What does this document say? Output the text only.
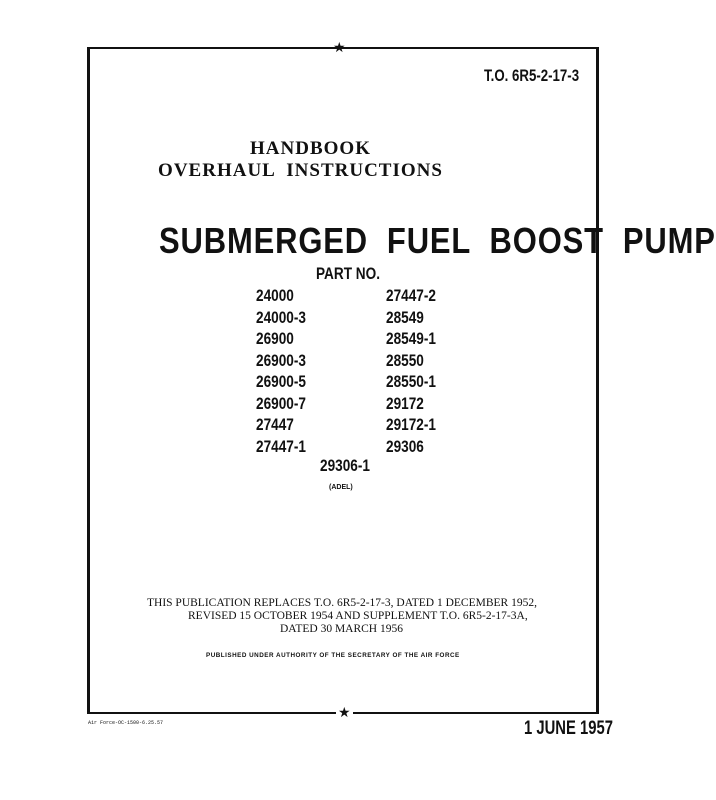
★
★
T.O. 6R5-2-17-3
HANDBOOK
OVERHAUL  INSTRUCTIONS
SUBMERGED  FUEL  BOOST  PUMP
PART NO.
24000
24000-3
26900
26900-3
26900-5
26900-7
27447
27447-1
27447-2
28549
28549-1
28550
28550-1
29172
29172-1
29306
29306-1
(ADEL)
THIS PUBLICATION REPLACES T.O. 6R5-2-17-3, DATED 1 DECEMBER 1952,
REVISED 15 OCTOBER 1954 AND SUPPLEMENT T.O. 6R5-2-17-3A,
DATED 30 MARCH 1956
PUBLISHED UNDER AUTHORITY OF THE SECRETARY OF THE AIR FORCE
Air Force-OC-1500-6.25.57	1 JUNE 1957
